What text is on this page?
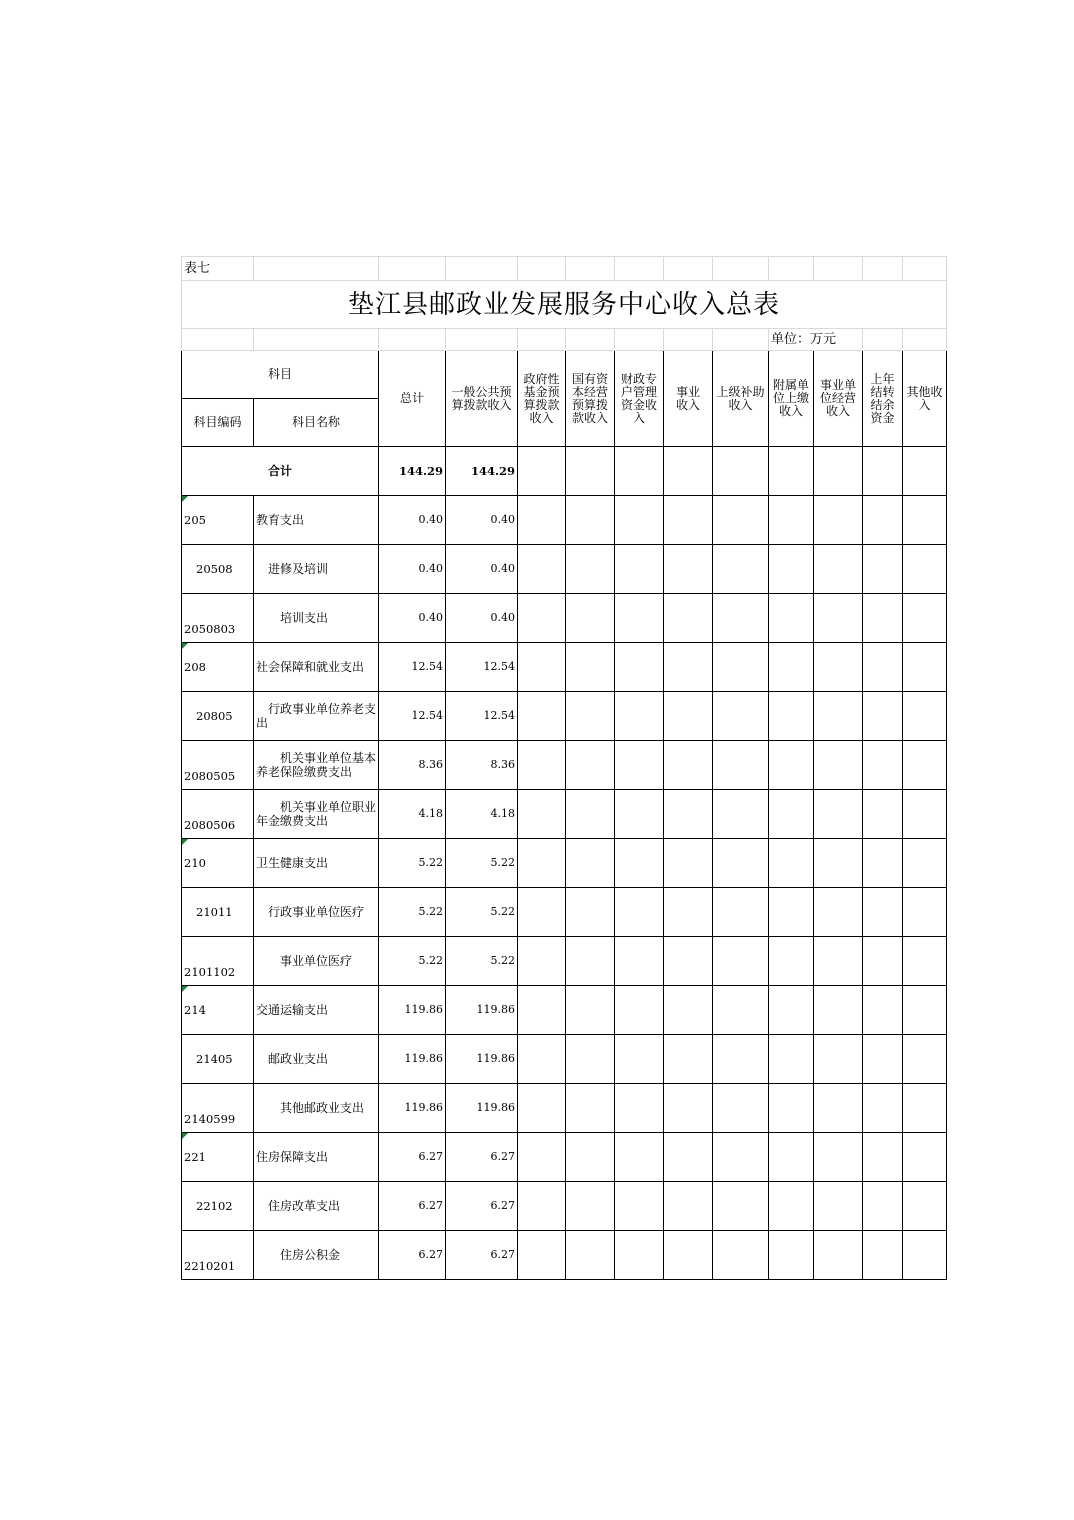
表七												
垫江县邮政业发展服务中心收入总表												
									单位：万元			
科目		总计	一般公共预算拨款收入	政府性基金预算拨款收入	国有资本经营预算拨款收入	财政专户管理资金收入	事业收入	上级补助收入	附属单位上缴收入	事业单位经营收入	上年结转结余资金	其他收入
科目编码	科目名称											
合计		144.29	144.29									

205	教育支出	0.40	0.40									
20508	进修及培训	0.40	0.40									
2050803	培训支出	0.40	0.40									

208	社会保障和就业支出	12.54	12.54									
20805	行政事业单位养老支出	12.54	12.54									
2080505	机关事业单位基本养老保险缴费支出	8.36	8.36									
2080506	机关事业单位职业年金缴费支出	4.18	4.18									

210	卫生健康支出	5.22	5.22									
21011	行政事业单位医疗	5.22	5.22									
2101102	事业单位医疗	5.22	5.22									

214	交通运输支出	119.86	119.86									
21405	邮政业支出	119.86	119.86									
2140599	其他邮政业支出	119.86	119.86									

221	住房保障支出	6.27	6.27									
22102	住房改革支出	6.27	6.27									
2210201	住房公积金	6.27	6.27									
